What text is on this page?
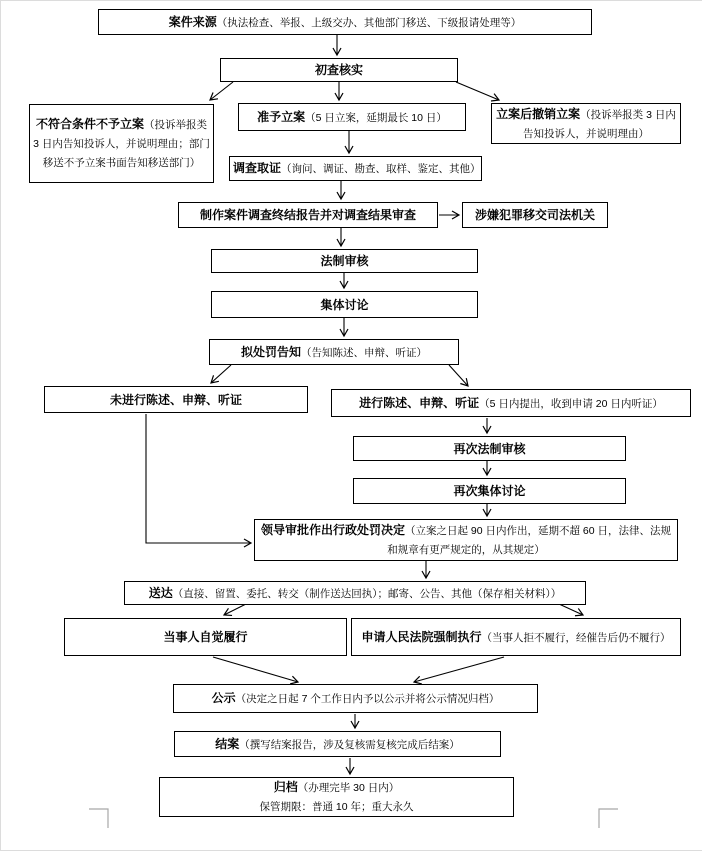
案件来源（执法检查、举报、上级交办、其他部门移送、下级报请处理等）
初查核实
不符合条件不予立案（投诉举报类 3 日内告知投诉人，并说明理由；部门移送不予立案书面告知移送部门）
准予立案（5 日立案，延期最长 10 日）	立案后撤销立案（投诉举报类 3 日内告知投诉人，并说明理由）
调查取证（询问、调证、勘查、取样、鉴定、其他）
制作案件调查终结报告并对调查结果审查	涉嫌犯罪移交司法机关
法制审核
集体讨论
拟处罚告知（告知陈述、申辩、听证）
未进行陈述、申辩、听证	进行陈述、申辩、听证（5 日内提出，收到申请 20 日内听证）
再次法制审核
再次集体讨论
领导审批作出行政处罚决定（立案之日起 90 日内作出，延期不超 60 日，法律、法规和规章有更严规定的，从其规定）
送达（直接、留置、委托、转交（制作送达回执）；邮寄、公告、其他（保存相关材料））
当事人自觉履行	申请人民法院强制执行（当事人拒不履行，经催告后仍不履行）
公示（决定之日起 7 个工作日内予以公示并将公示情况归档）
结案（撰写结案报告，涉及复核需复核完成后结案）
归档（办理完毕 30 日内）
保管期限：普通 10 年；重大永久
